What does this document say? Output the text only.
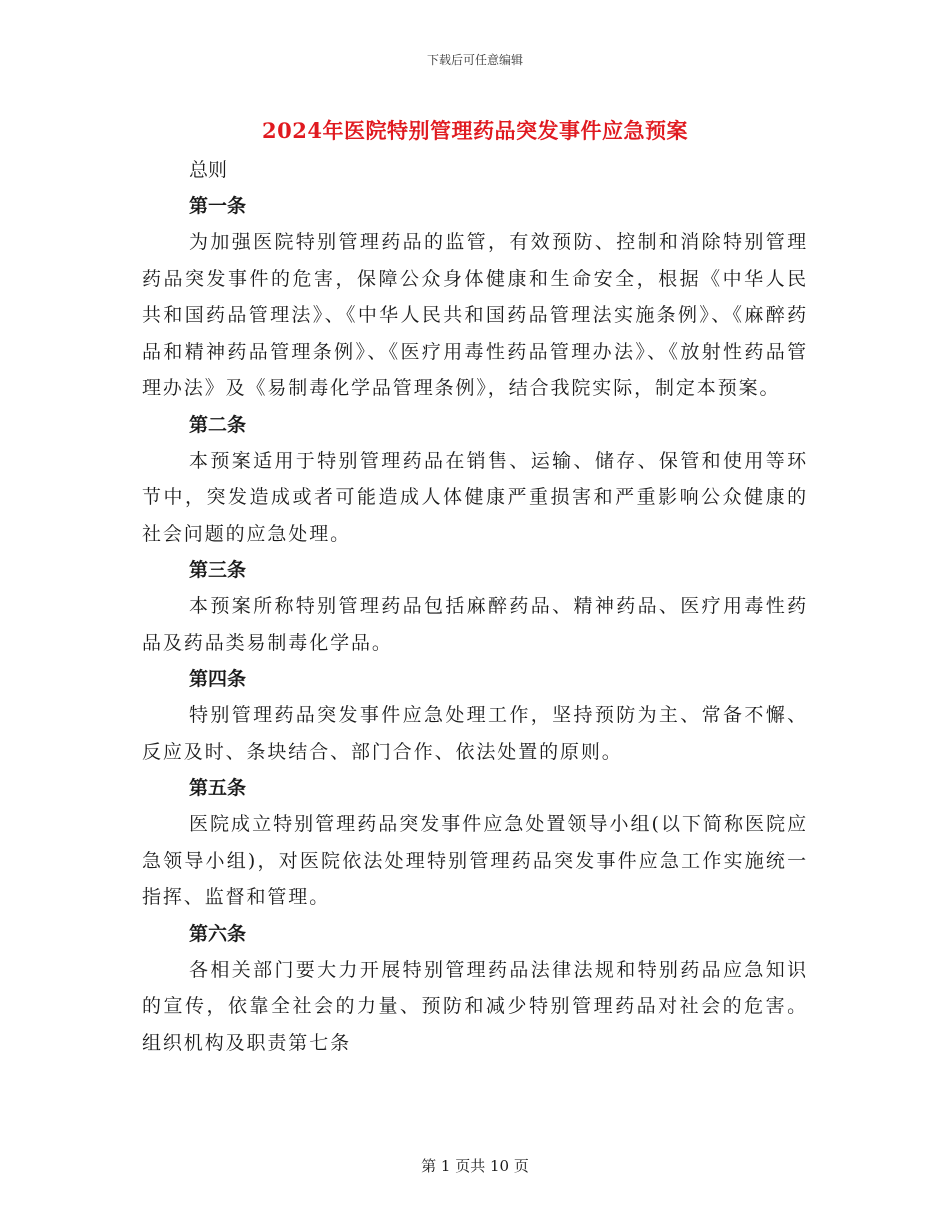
下载后可任意编辑
2024年医院特别管理药品突发事件应急预案

总则

第一条

为加强医院特别管理药品的监管，有效预防、控制和消除特别管理药品突发事件的危害，保障公众身体健康和生命安全，根据《中华人民共和国药品管理法》、《中华人民共和国药品管理法实施条例》、《麻醉药品和精神药品管理条例》、《医疗用毒性药品管理办法》、《放射性药品管理办法》及《易制毒化学品管理条例》，结合我院实际，制定本预案。

第二条

本预案适用于特别管理药品在销售、运输、储存、保管和使用等环节中，突发造成或者可能造成人体健康严重损害和严重影响公众健康的社会问题的应急处理。

第三条

本预案所称特别管理药品包括麻醉药品、精神药品、医疗用毒性药品及药品类易制毒化学品。

第四条

特别管理药品突发事件应急处理工作，坚持预防为主、常备不懈、反应及时、条块结合、部门合作、依法处置的原则。

第五条

医院成立特别管理药品突发事件应急处置领导小组(以下简称医院应急领导小组)，对医院依法处理特别管理药品突发事件应急工作实施统一指挥、监督和管理。

第六条

各相关部门要大力开展特别管理药品法律法规和特别药品应急知识的宣传，依靠全社会的力量、预防和减少特别管理药品对社会的危害。组织机构及职责第七条

第 1 页共 10 页
